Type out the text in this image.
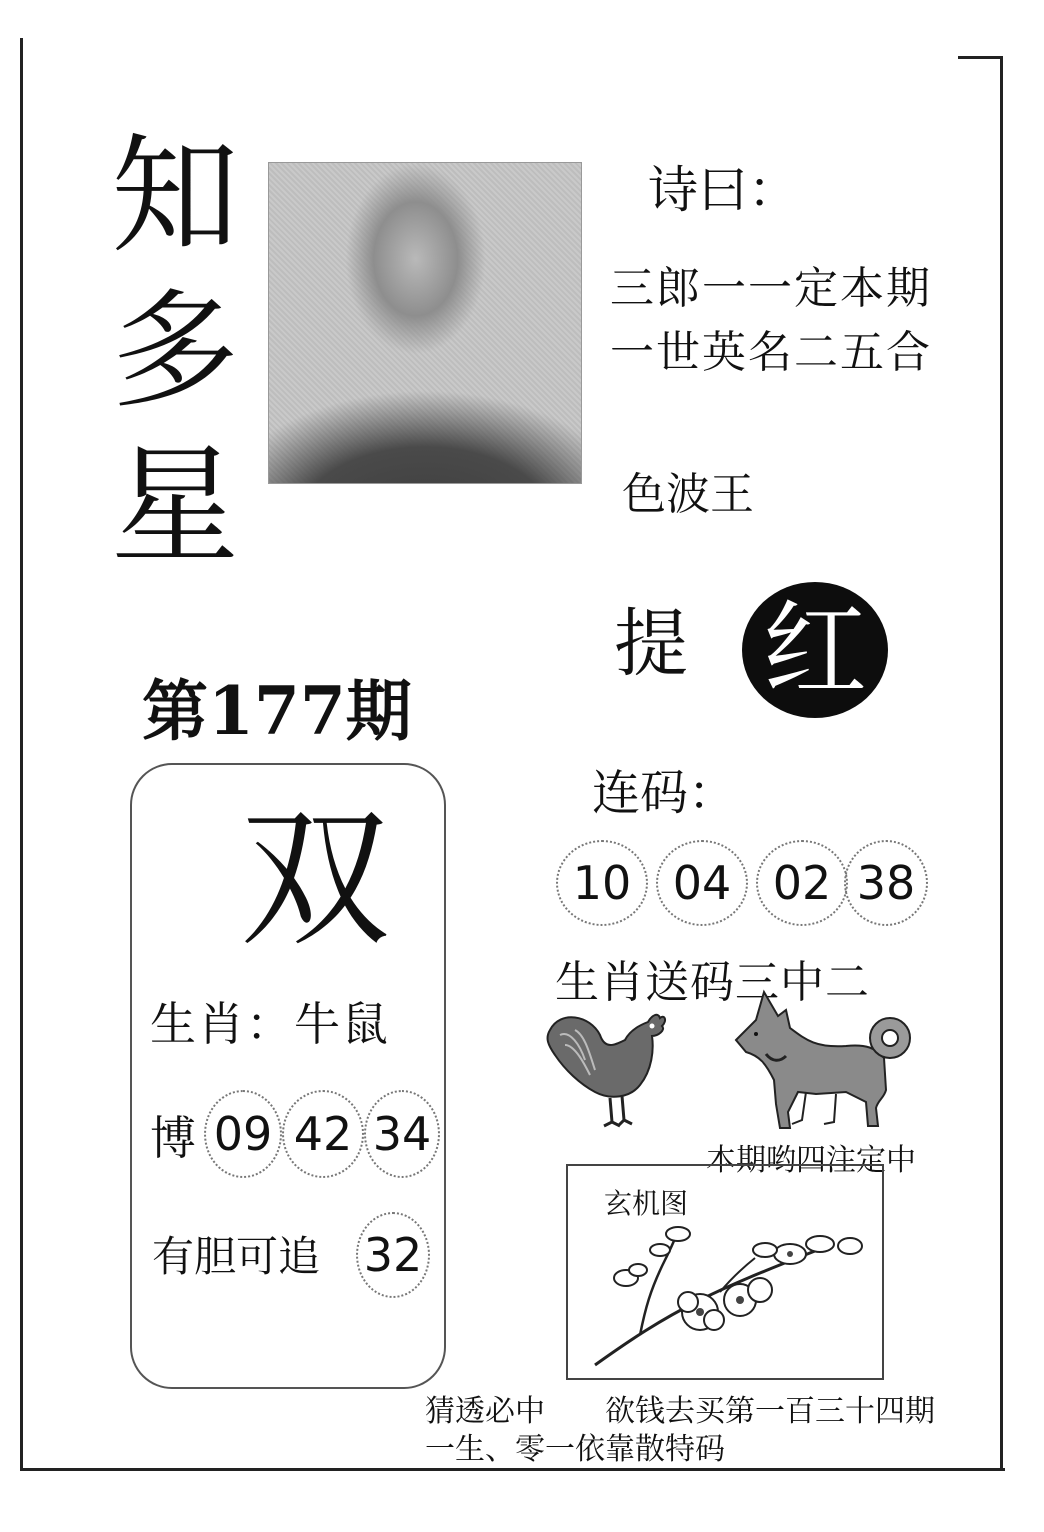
知
多
星
诗曰：
三郎一一定本期
一世英名二五合
色波王
提 红
第177期
双
生肖：牛鼠
博 09 42 34
有胆可追 32
连码：
10 04 02 38
生肖送码三中二
本期哟四注定中
玄机图
猜透必中　　欲钱去买第一百三十四期
一生、零一依靠散特码
